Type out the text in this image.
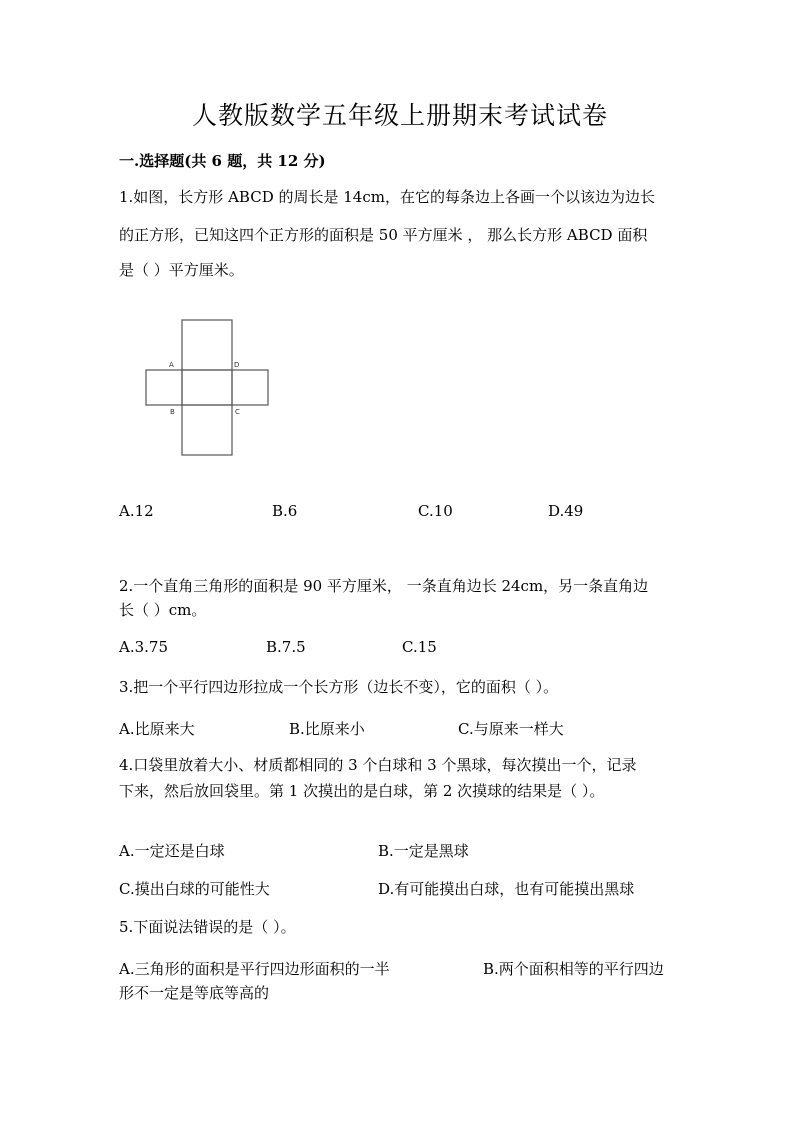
人教版数学五年级上册期末考试试卷
一.选择题(共 6 题，共 12 分)
1.如图，长方形 ABCD 的周长是 14cm，在它的每条边上各画一个以该边为边长
的正方形，已知这四个正方形的面积是 50 平方厘米 ， 那么长方形 ABCD 面积
是（ ）平方厘米。
A	D
B	C
A.12	B.6	C.10	D.49
2.一个直角三角形的面积是 90 平方厘米， 一条直角边长 24cm，另一条直角边
长（ ）cm。
A.3.75	B.7.5	C.15
3.把一个平行四边形拉成一个长方形（边长不变），它的面积（ ）。
A.比原来大	B.比原来小	C.与原来一样大
4.口袋里放着大小、材质都相同的 3 个白球和 3 个黑球，每次摸出一个，记录
下来，然后放回袋里。第 1 次摸出的是白球，第 2 次摸球的结果是（ ）。
A.一定还是白球	B.一定是黑球
C.摸出白球的可能性大	D.有可能摸出白球，也有可能摸出黑球
5.下面说法错误的是（ ）。
A.三角形的面积是平行四边形面积的一半	B.两个面积相等的平行四边
形不一定是等底等高的
